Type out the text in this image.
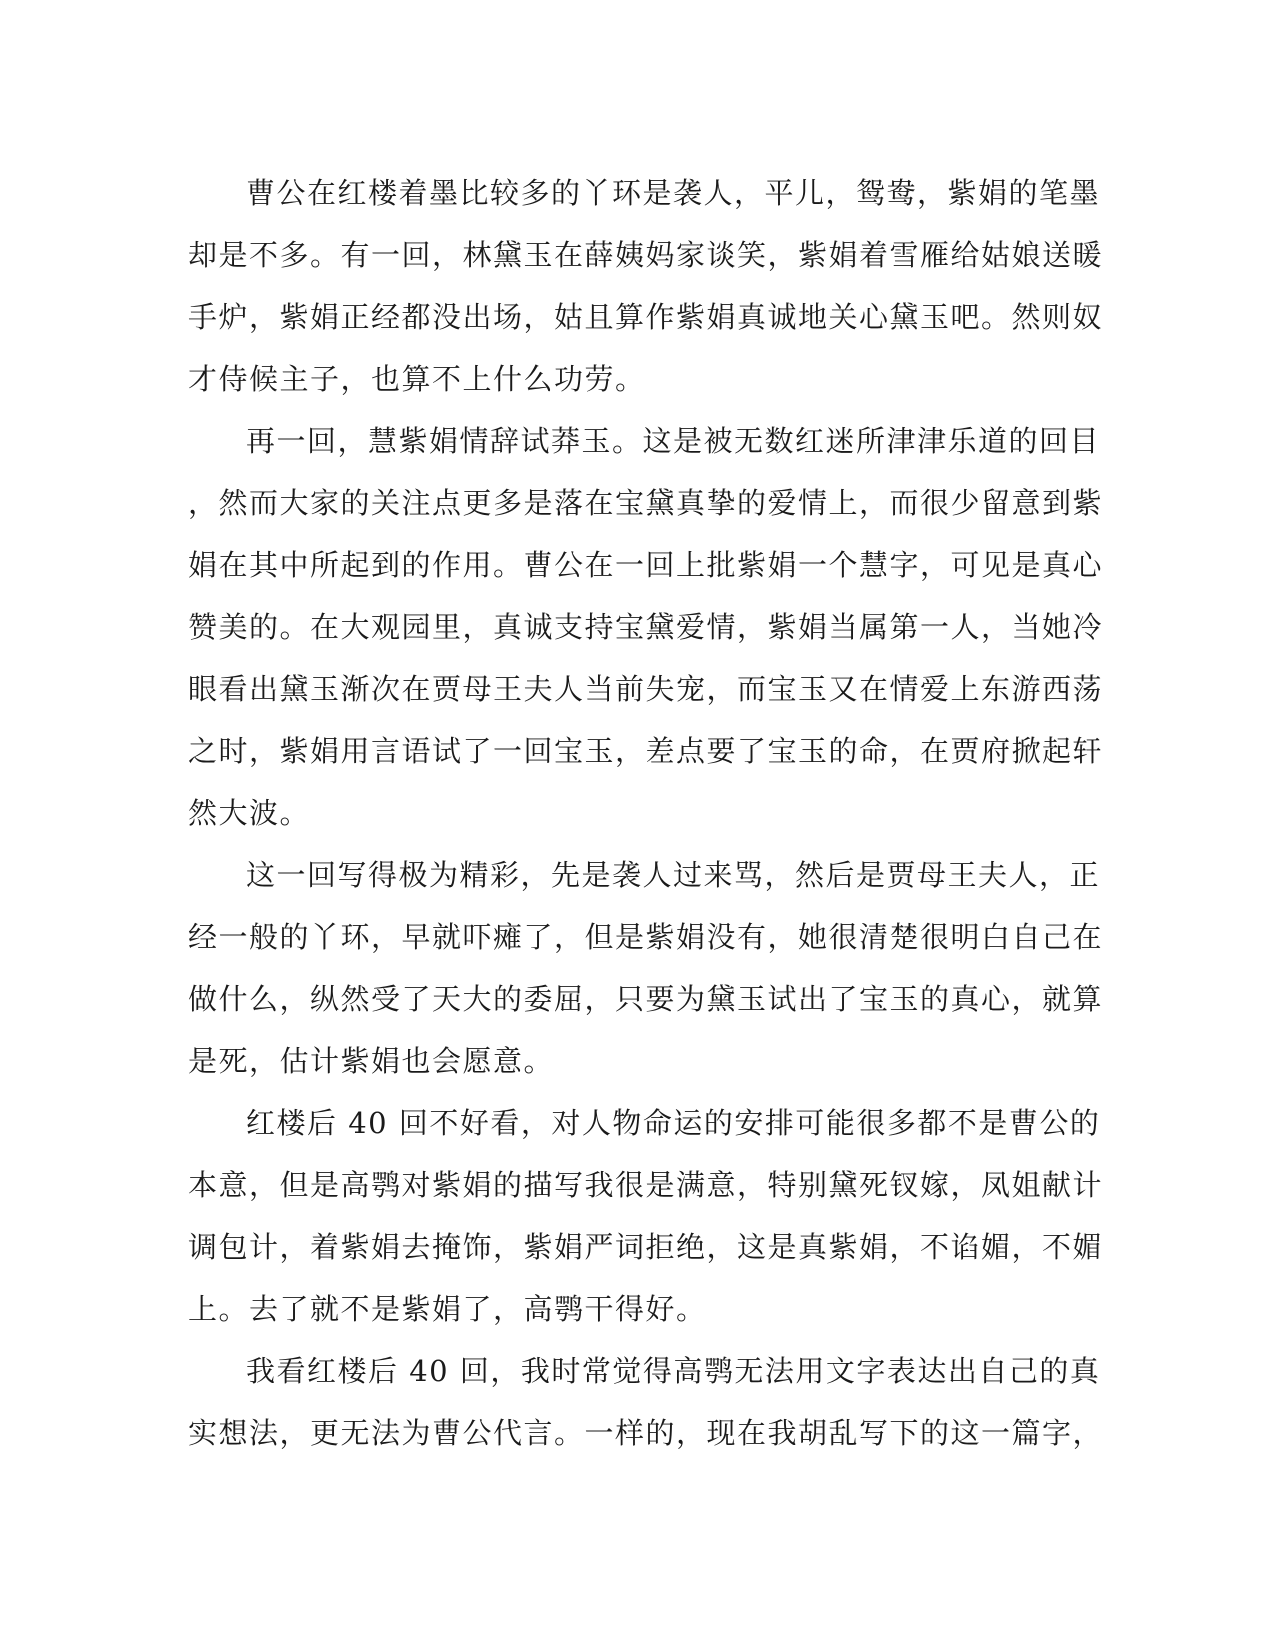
曹公在红楼着墨比较多的丫环是袭人，平儿，鸳鸯，紫娟的笔墨
却是不多。有一回，林黛玉在薛姨妈家谈笑，紫娟着雪雁给姑娘送暖
手炉，紫娟正经都没出场，姑且算作紫娟真诚地关心黛玉吧。然则奴
才侍候主子，也算不上什么功劳。

再一回，慧紫娟情辞试莽玉。这是被无数红迷所津津乐道的回目
，然而大家的关注点更多是落在宝黛真挚的爱情上，而很少留意到紫
娟在其中所起到的作用。曹公在一回上批紫娟一个慧字，可见是真心
赞美的。在大观园里，真诚支持宝黛爱情，紫娟当属第一人，当她冷
眼看出黛玉渐次在贾母王夫人当前失宠，而宝玉又在情爱上东游西荡
之时，紫娟用言语试了一回宝玉，差点要了宝玉的命，在贾府掀起轩
然大波。

这一回写得极为精彩，先是袭人过来骂，然后是贾母王夫人，正
经一般的丫环，早就吓瘫了，但是紫娟没有，她很清楚很明白自己在
做什么，纵然受了天大的委屈，只要为黛玉试出了宝玉的真心，就算
是死，估计紫娟也会愿意。

红楼后 40 回不好看，对人物命运的安排可能很多都不是曹公的
本意，但是高鹗对紫娟的描写我很是满意，特别黛死钗嫁，凤姐献计
调包计，着紫娟去掩饰，紫娟严词拒绝，这是真紫娟，不谄媚，不媚
上。去了就不是紫娟了，高鹗干得好。

我看红楼后 40 回，我时常觉得高鹗无法用文字表达出自己的真
实想法，更无法为曹公代言。一样的，现在我胡乱写下的这一篇字，
